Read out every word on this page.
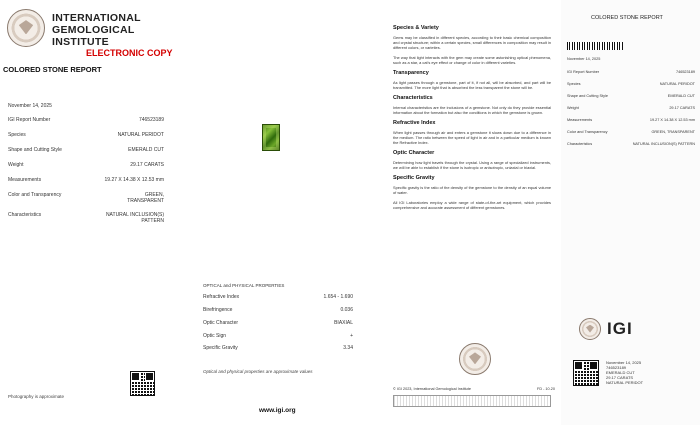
INTERNATIONAL
GEMOLOGICAL
INSTITUTE
ELECTRONIC COPY
COLORED STONE REPORT
November 14, 2025
IGI Report Number	746523189
Species	NATURAL PERIDOT
Shape and Cutting Style	EMERALD CUT
Weight	29.17 CARATS
Measurements	19.27 X 14.38 X 12.53 mm
Color and Transparency	GREEN, TRANSPARENT
Characteristics	NATURAL INCLUSION(S) PATTERN
OPTICAL and PHYSICAL PROPERTIES
Refractive Index	1.654 - 1.690
Birefringence	0.036
Optic Character	BIAXIAL
Optic Sign	+
Specific Gravity	3.34
Optical and physical properties are approximate values
Photography is approximate
www.igi.org
Species & Variety
Gems may be classified in different species, according to their basic chemical composition and crystal structure; within a certain species, small differences in composition may result in different colors, or varieties.
The way that light interacts with the gem may create some astonishing optical phenomena, such as a star, a cat's eye effect or change of color in different varieties.
Transparency
As light passes through a gemstone, part of it, if not all, will be absorbed, and part will be transmitted. The more light that is absorbed the less transparent the stone will be.
Characteristics
Internal characteristics are the inclusions of a gemstone. Not only do they provide essential information about the formation but also the conditions in which the gemstone is grown.
Refractive Index
When light passes through air and enters a gemstone it slows down due to a difference in the medium. The ratio between the speed of light in air and in a particular medium is known the Refractive Index.
Optic Character
Determining how light travels through the crystal. Using a range of specialized instruments, we will be able to establish if the stone is isotropic or anisotropic, uniaxial or biaxial.
Specific Gravity
Specific gravity is the ratio of the density of the gemstone to the density of an equal volume of water.
All IGI Laboratories employ a wide range of state-of-the-art equipment, which provides comprehensive and accurate assessment of different gemstones.
© IGI 2023, International Gemological Institute	FD - 10.20
COLORED STONE REPORT
November 14, 2025
IGI Report Number	746523189
Species	NATURAL PERIDOT
Shape and Cutting Style	EMERALD CUT
Weight	29.17 CARATS
Measurements	19.27 X 14.38 X 12.53 mm
Color and Transparency	GREEN, TRANSPARENT
Characteristics	NATURAL INCLUSION(S) PATTERN
IGI
November 14, 2025
746523189
EMERALD CUT
29.17 CARATS
NATURAL PERIDOT
